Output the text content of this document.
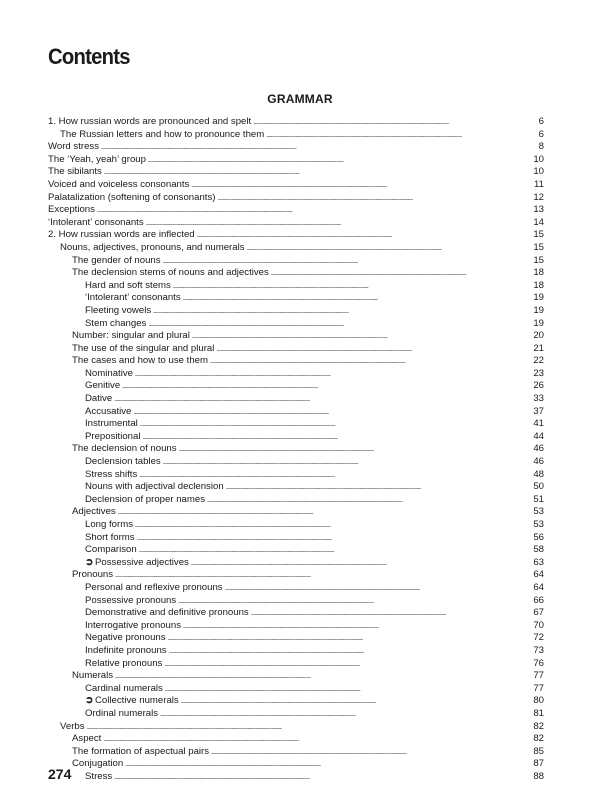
Contents
GRAMMAR
1. How russian words are pronounced and spelt . . .	6
The Russian letters and how to pronounce them . . .	6
Word stress . . .	8
The ‘Yeah, yeah’ group . . .	10
The sibilants . . .	10
Voiced and voiceless consonants . . .	11
Palatalization (softening of consonants) . . .	12
Exceptions . . .	13
‘Intolerant’ consonants . . .	14
2. How russian words are inflected . . .	15
Nouns, adjectives, pronouns, and numerals . . .	15
The gender of nouns . . .	15
The declension stems of nouns and adjectives . . .	18
Hard and soft stems . . .	18
‘Intolerant’ consonants . . .	19
Fleeting vowels . . .	19
Stem changes . . .	19
Number: singular and plural . . .	20
The use of the singular and plural . . .	21
The cases and how to use them . . .	22
Nominative . . .	23
Genitive . . .	26
Dative . . .	33
Accusative . . .	37
Instrumental . . .	41
Prepositional . . .	44
The declension of nouns . . .	46
Declension tables . . .	46
Stress shifts . . .	48
Nouns with adjectival declension . . .	50
Declension of proper names . . .	51
Adjectives . . .	53
Long forms . . .	53
Short forms . . .	56
Comparison . . .	58
➲ Possessive adjectives . . .	63
Pronouns . . .	64
Personal and reflexive pronouns . . .	64
Possessive pronouns . . .	66
Demonstrative and definitive pronouns . . .	67
Interrogative pronouns . . .	70
Negative pronouns . . .	72
Indefinite pronouns . . .	73
Relative pronouns . . .	76
Numerals . . .	77
Cardinal numerals . . .	77
➲ Collective numerals . . .	80
Ordinal numerals . . .	81
Verbs . . .	82
Aspect . . .	82
The formation of aspectual pairs . . .	85
Conjugation . . .	87
Stress . . .	88
274
